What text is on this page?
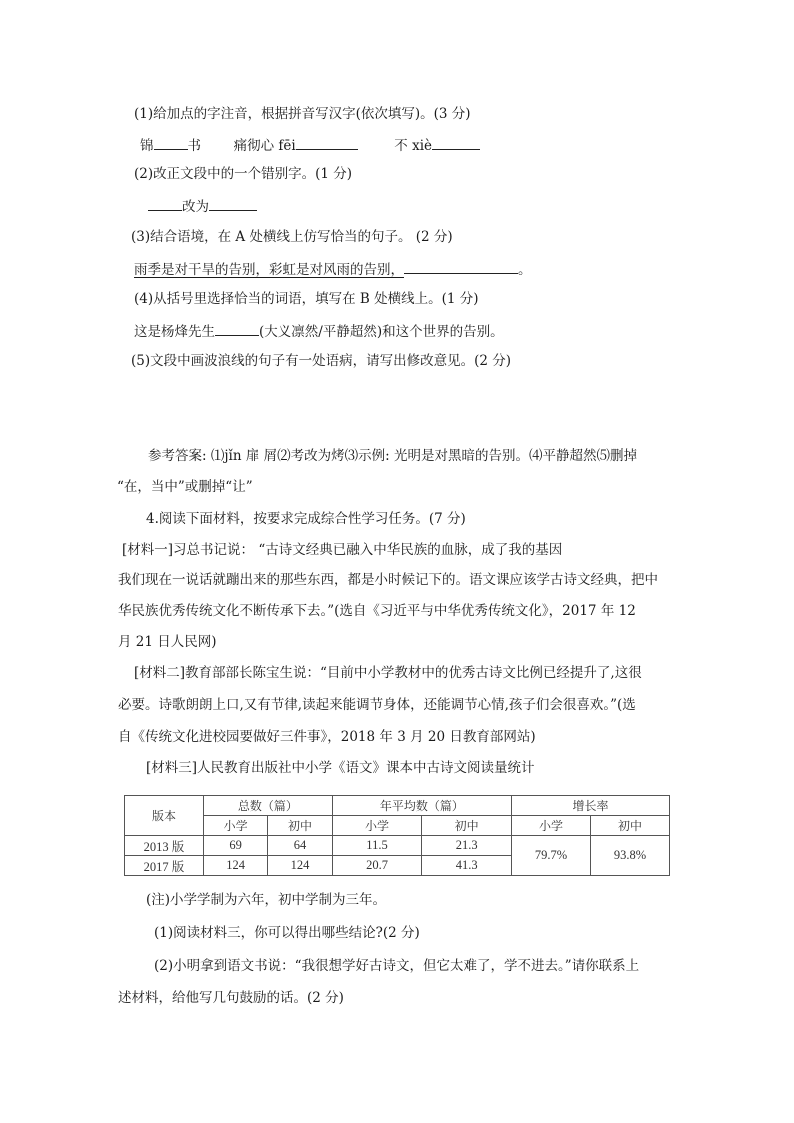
(1)给加点的字注音，根据拼音写汉字(依次填写)。(3 分)
锦	书 痛彻心 fēi	不 xiè
(2)改正文段中的一个错别字。(1 分)
改为
(3)结合语境，在 A 处横线上仿写恰当的句子。 (2 分)
雨季是对干旱的告别，彩虹是对风雨的告别，	。
(4)从括号里选择恰当的词语，填写在 B 处横线上。(1 分)
这是杨烽先生	(大义凛然/平静超然)和这个世界的告别。
(5)文段中画波浪线的句子有一处语病，请写出修改意见。(2 分)
参考答案: ⑴jǐn 扉 屑⑵考改为烤⑶示例: 光明是对黑暗的告别。⑷平静超然⑸删掉
“在，当中”或删掉“让”
4.阅读下面材料，按要求完成综合性学习任务。(7 分)
[材料一]习总书记说： “古诗文经典已融入中华民族的血脉，成了我的基因
我们现在一说话就蹦出来的那些东西，都是小时候记下的。语文课应该学古诗文经典，把中
华民族优秀传统文化不断传承下去。”(选自《习近平与中华优秀传统文化》，2017 年 12
月 21 日人民网)
[材料二]教育部部长陈宝生说：“目前中小学教材中的优秀古诗文比例已经提升了,这很
必要。诗歌朗朗上口,又有节律,读起来能调节身体，还能调节心情,孩子们会很喜欢。”(选
自《传统文化进校园要做好三件事》，2018 年 3 月 20 日教育部网站)
[材料三]人民教育出版社中小学《语文》课本中古诗文阅读量统计
版本	总数（篇）		年平均数（篇）		增长率	
	小学	初中	小学	初中	小学	初中
2013 版	69	64	11.5	21.3	79.7%	93.8%
2017 版	124	124	20.7	41.3		
(注)小学学制为六年，初中学制为三年。
(1)阅读材料三，你可以得出哪些结论?(2 分)
(2)小明拿到语文书说：“我很想学好古诗文，但它太难了，学不进去。”请你联系上
述材料，给他写几句鼓励的话。(2 分)
